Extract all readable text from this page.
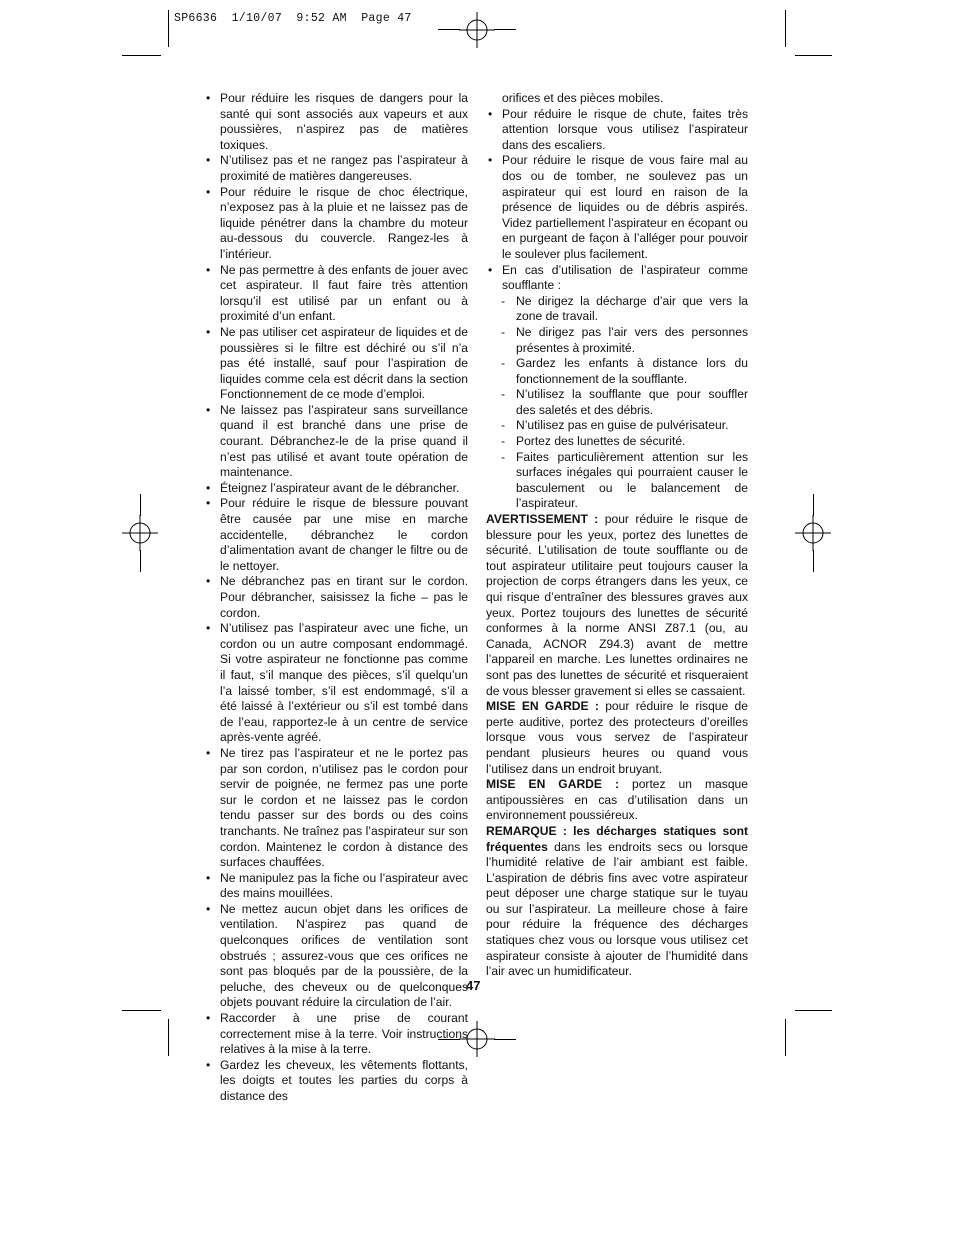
SP6636  1/10/07  9:52 AM  Page 47
• Pour réduire les risques de dangers pour la santé qui sont associés aux vapeurs et aux poussières, n’aspirez pas de matières toxiques.
• N’utilisez pas et ne rangez pas l’aspirateur à proximité de matières dangereuses.
• Pour réduire le risque de choc électrique, n’exposez pas à la pluie et ne laissez pas de liquide pénétrer dans la chambre du moteur au-dessous du couvercle. Rangez-les à l’intérieur.
• Ne pas permettre à des enfants de jouer avec cet aspirateur. Il faut faire très attention lorsqu’il est utilisé par un enfant ou à proximité d’un enfant.
• Ne pas utiliser cet aspirateur de liquides et de poussières si le filtre est déchiré ou s’il n’a pas été installé, sauf pour l’aspiration de liquides comme cela est décrit dans la section Fonctionnement de ce mode d’emploi.
• Ne laissez pas l’aspirateur sans surveillance quand il est branché dans une prise de courant. Débranchez-le de la prise quand il n’est pas utilisé et avant toute opération de maintenance.
• Éteignez l’aspirateur avant de le débrancher.
• Pour réduire le risque de blessure pouvant être causée par une mise en marche accidentelle, débranchez le cordon d’alimentation avant de changer le filtre ou de le nettoyer.
• Ne débranchez pas en tirant sur le cordon. Pour débrancher, saisissez la fiche – pas le cordon.
• N’utilisez pas l’aspirateur avec une fiche, un cordon ou un autre composant endommagé. Si votre aspirateur ne fonctionne pas comme il faut, s’il manque des pièces, s’il quelqu’un l’a laissé tomber, s’il est endommagé, s’il a été laissé à l’extérieur ou s’il est tombé dans de l’eau, rapportez-le à un centre de service après-vente agréé.
• Ne tirez pas l’aspirateur et ne le portez pas par son cordon, n’utilisez pas le cordon pour servir de poignée, ne fermez pas une porte sur le cordon et ne laissez pas le cordon tendu passer sur des bords ou des coins tranchants. Ne traînez pas l’aspirateur sur son cordon. Maintenez le cordon à distance des surfaces chauffées.
• Ne manipulez pas la fiche ou l’aspirateur avec des mains mouillées.
• Ne mettez aucun objet dans les orifices de ventilation. N’aspirez pas quand de quelconques orifices de ventilation sont obstrués ; assurez-vous que ces orifices ne sont pas bloqués par de la poussière, de la peluche, des cheveux ou de quelconques objets pouvant réduire la circulation de l’air.
• Raccorder à une prise de courant correctement mise à la terre. Voir instructions relatives à la mise à la terre.
• Gardez les cheveux, les vêtements flottants, les doigts et toutes les parties du corps à distance des
orifices et des pièces mobiles.
• Pour réduire le risque de chute, faites très attention lorsque vous utilisez l’aspirateur dans des escaliers.
• Pour réduire le risque de vous faire mal au dos ou de tomber, ne soulevez pas un aspirateur qui est lourd en raison de la présence de liquides ou de débris aspirés. Videz partiellement l’aspirateur en écopant ou en purgeant de façon à l’alléger pour pouvoir le soulever plus facilement.
• En cas d’utilisation de l’aspirateur comme soufflante :
- Ne dirigez la décharge d’air que vers la zone de travail.
- Ne dirigez pas l’air vers des personnes présentes à proximité.
- Gardez les enfants à distance lors du fonctionnement de la soufflante.
- N’utilisez la soufflante que pour souffler des saletés et des débris.
- N’utilisez pas en guise de pulvérisateur.
- Portez des lunettes de sécurité.
- Faites particulièrement attention sur les surfaces inégales qui pourraient causer le basculement ou le balancement de l’aspirateur.

AVERTISSEMENT : pour réduire le risque de blessure pour les yeux, portez des lunettes de sécurité. L’utilisation de toute soufflante ou de tout aspirateur utilitaire peut toujours causer la projection de corps étrangers dans les yeux, ce qui risque d’entraîner des blessures graves aux yeux. Portez toujours des lunettes de sécurité conformes à la norme ANSI Z87.1 (ou, au Canada, ACNOR Z94.3) avant de mettre l’appareil en marche. Les lunettes ordinaires ne sont pas des lunettes de sécurité et risqueraient de vous blesser gravement si elles se cassaient.

MISE EN GARDE : pour réduire le risque de perte auditive, portez des protecteurs d’oreilles lorsque vous vous servez de l’aspirateur pendant plusieurs heures ou quand vous l’utilisez dans un endroit bruyant.

MISE EN GARDE : portez un masque antipoussières en cas d’utilisation dans un environnement poussiéreux.

REMARQUE : les décharges statiques sont fréquentes dans les endroits secs ou lorsque l’humidité relative de l’air ambiant est faible. L’aspiration de débris fins avec votre aspirateur peut déposer une charge statique sur le tuyau ou sur l’aspirateur. La meilleure chose à faire pour réduire la fréquence des décharges statiques chez vous ou lorsque vous utilisez cet aspirateur consiste à ajouter de l’humidité dans l’air avec un humidificateur.

47
